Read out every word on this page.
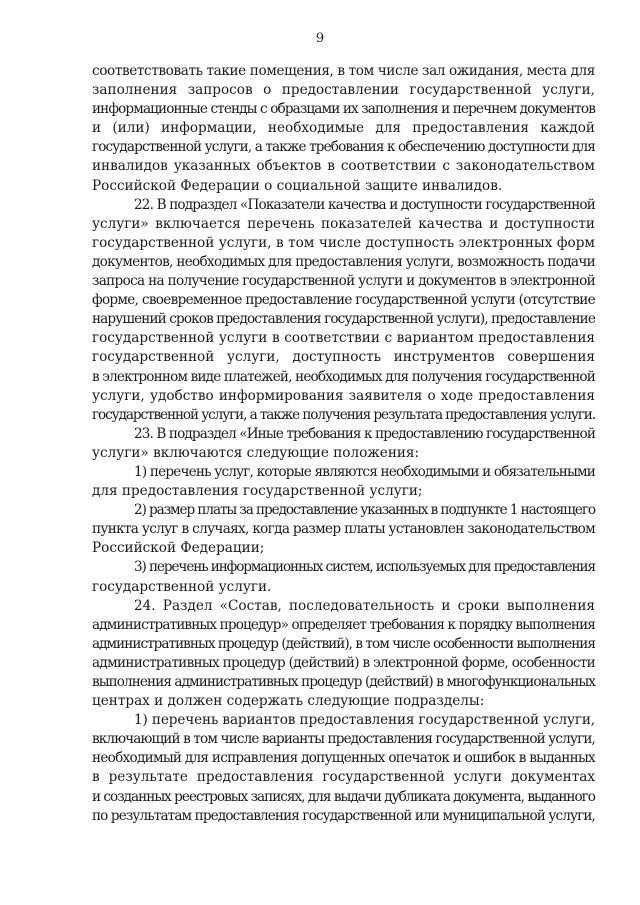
9
соответствовать такие помещения, в том числе зал ожидания, места для
заполнения запросов о предоставлении государственной услуги,
информационные стенды с образцами их заполнения и перечнем документов
и (или) информации, необходимые для предоставления каждой
государственной услуги, а также требования к обеспечению доступности для
инвалидов указанных объектов в соответствии с законодательством
Российской Федерации о социальной защите инвалидов.
22. В подраздел «Показатели качества и доступности государственной
услуги» включается перечень показателей качества и доступности
государственной услуги, в том числе доступность электронных форм
документов, необходимых для предоставления услуги, возможность подачи
запроса на получение государственной услуги и документов в электронной
форме, своевременное предоставление государственной услуги (отсутствие
нарушений сроков предоставления государственной услуги), предоставление
государственной услуги в соответствии с вариантом предоставления
государственной услуги, доступность инструментов совершения
в электронном виде платежей, необходимых для получения государственной
услуги, удобство информирования заявителя о ходе предоставления
государственной услуги, а также получения результата предоставления услуги.
23. В подраздел «Иные требования к предоставлению государственной
услуги» включаются следующие положения:
1) перечень услуг, которые являются необходимыми и обязательными
для предоставления государственной услуги;
2) размер платы за предоставление указанных в подпункте 1 настоящего
пункта услуг в случаях, когда размер платы установлен законодательством
Российской Федерации;
3) перечень информационных систем, используемых для предоставления
государственной услуги.
24. Раздел «Состав, последовательность и сроки выполнения
административных процедур» определяет требования к порядку выполнения
административных процедур (действий), в том числе особенности выполнения
административных процедур (действий) в электронной форме, особенности
выполнения административных процедур (действий) в многофункциональных
центрах и должен содержать следующие подразделы:
1) перечень вариантов предоставления государственной услуги,
включающий в том числе варианты предоставления государственной услуги,
необходимый для исправления допущенных опечаток и ошибок в выданных
в результате предоставления государственной услуги документах
и созданных реестровых записях, для выдачи дубликата документа, выданного
по результатам предоставления государственной или муниципальной услуги,
